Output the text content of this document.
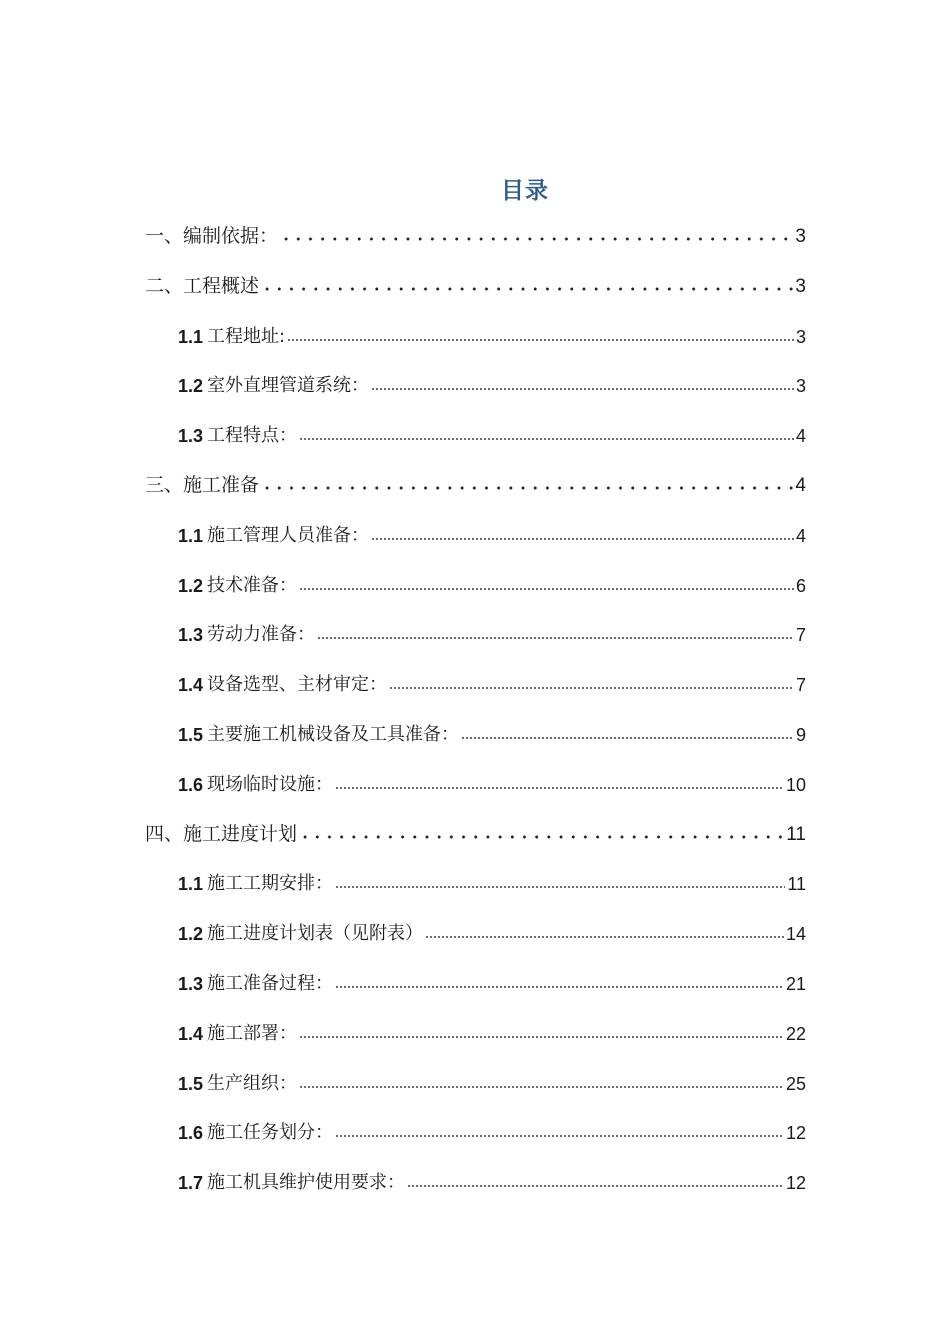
目录
一、编制依据：	3
二、工程概述	3
1.1 工程地址:	3
1.2 室外直埋管道系统：	3
1.3 工程特点：	4
三、施工准备	4
1.1 施工管理人员准备：	4
1.2 技术准备：	6
1.3 劳动力准备：	7
1.4 设备选型、主材审定：	7
1.5 主要施工机械设备及工具准备：	9
1.6 现场临时设施：	10
四、施工进度计划	11
1.1 施工工期安排：	11
1.2 施工进度计划表（见附表）	14
1.3 施工准备过程：	21
1.4 施工部署：	22
1.5 生产组织：	25
1.6 施工任务划分：	12
1.7 施工机具维护使用要求：	12
